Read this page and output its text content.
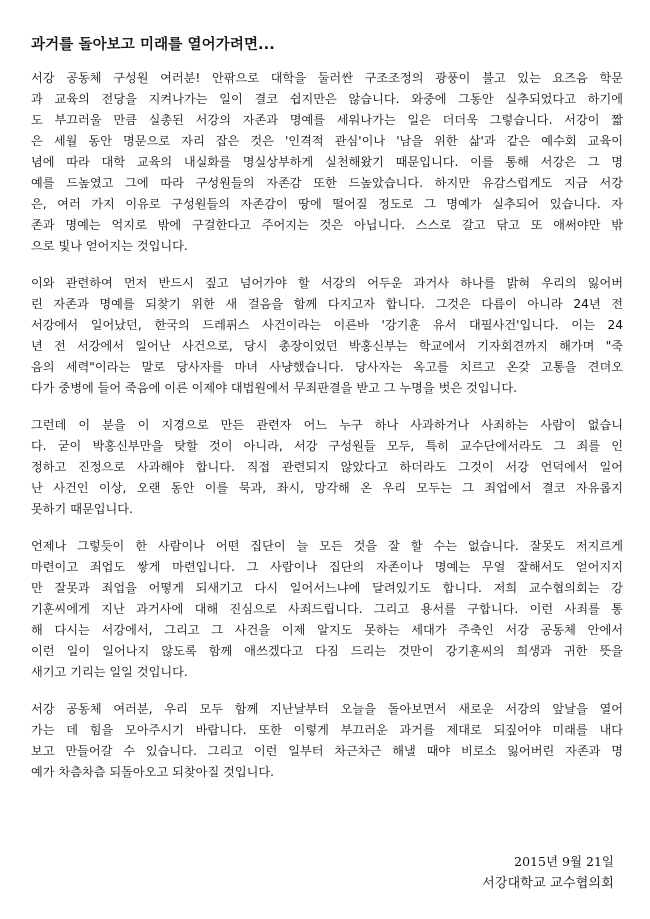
과거를 돌아보고 미래를 열어가려면...
서강 공동체 구성원 여러분! 안팎으로 대학을 둘러싼 구조조정의 광풍이 불고 있는 요즈음 학문
과 교육의 전당을 지켜나가는 일이 결코 쉽지만은 않습니다. 와중에 그동안 실추되었다고 하기에
도 부끄러울 만큼 실총된 서강의 자존과 명예를 세워나가는 일은 더더욱 그렇습니다. 서강이 짧
은 세월 동안 명문으로 자리 잡은 것은 '인격적 관심'이나 '남을 위한 삶'과 같은 예수회 교육이
념에 따라 대학 교육의 내실화를 명실상부하게 실천해왔기 때문입니다. 이를 통해 서강은 그 명
예를 드높였고 그에 따라 구성원들의 자존감 또한 드높았습니다. 하지만 유감스럽게도 지금 서강
은, 여러 가지 이유로 구성원들의 자존감이 땅에 떨어질 정도로 그 명예가 실추되어 있습니다. 자
존과 명예는 억지로 밖에 구걸한다고 주어지는 것은 아닙니다. 스스로 갈고 닦고 또 애써야만 밖
으로 빛나 얻어지는 것입니다.
이와 관련하여 먼저 반드시 짚고 넘어가야 할 서강의 어두운 과거사 하나를 밝혀 우리의 잃어버
린 자존과 명예를 되찾기 위한 새 걸음을 함께 다지고자 합니다. 그것은 다름이 아니라 24년 전
서강에서 일어났던, 한국의 드레퓌스 사건이라는 이른바 '강기훈 유서 대필사건'입니다. 이는 24
년 전 서강에서 일어난 사건으로, 당시 총장이었던 박홍신부는 학교에서 기자회견까지 해가며 "죽
음의 세력"이라는 말로 당사자를 마녀 사냥했습니다. 당사자는 옥고를 치르고 온갖 고통을 견뎌오
다가 중병에 들어 죽음에 이른 이제야 대법원에서 무죄판결을 받고 그 누명을 벗은 것입니다.
그런데 이 분을 이 지경으로 만든 관련자 어느 누구 하나 사과하거나 사죄하는 사람이 없습니
다. 굳이 박홍신부만을 탓할 것이 아니라, 서강 구성원들 모두, 특히 교수단에서라도 그 죄를 인
정하고 진정으로 사과해야 합니다. 직접 관련되지 않았다고 하더라도 그것이 서강 언덕에서 일어
난 사건인 이상, 오랜 동안 이를 묵과, 좌시, 망각해 온 우리 모두는 그 죄업에서 결코 자유롭지
못하기 때문입니다.
언제나 그렇듯이 한 사람이나 어떤 집단이 늘 모든 것을 잘 할 수는 없습니다. 잘못도 저지르게
마련이고 죄업도 쌓게 마련입니다. 그 사람이나 집단의 자존이나 명예는 무얼 잘해서도 얻어지지
만 잘못과 죄업을 어떻게 되새기고 다시 일어서느냐에 달려있기도 합니다. 저희 교수협의회는 강
기훈씨에게 지난 과거사에 대해 진심으로 사죄드립니다. 그리고 용서를 구합니다. 이런 사죄를 통
해 다시는 서강에서, 그리고 그 사건을 이제 알지도 못하는 세대가 주축인 서강 공동체 안에서
이런 일이 일어나지 않도록 함께 애쓰겠다고 다짐 드리는 것만이 강기훈씨의 희생과 귀한 뜻을
새기고 기리는 일일 것입니다.
서강 공동체 여러분, 우리 모두 함께 지난날부터 오늘을 돌아보면서 새로운 서강의 앞날을 열어
가는 데 힘을 모아주시기 바랍니다. 또한 이렇게 부끄러운 과거를 제대로 되짚어야 미래를 내다
보고 만들어갈 수 있습니다. 그리고 이런 일부터 차근차근 해낼 때야 비로소 잃어버린 자존과 명
예가 차츰차츰 되돌아오고 되찾아질 것입니다.
2015년 9월 21일
서강대학교 교수협의회
